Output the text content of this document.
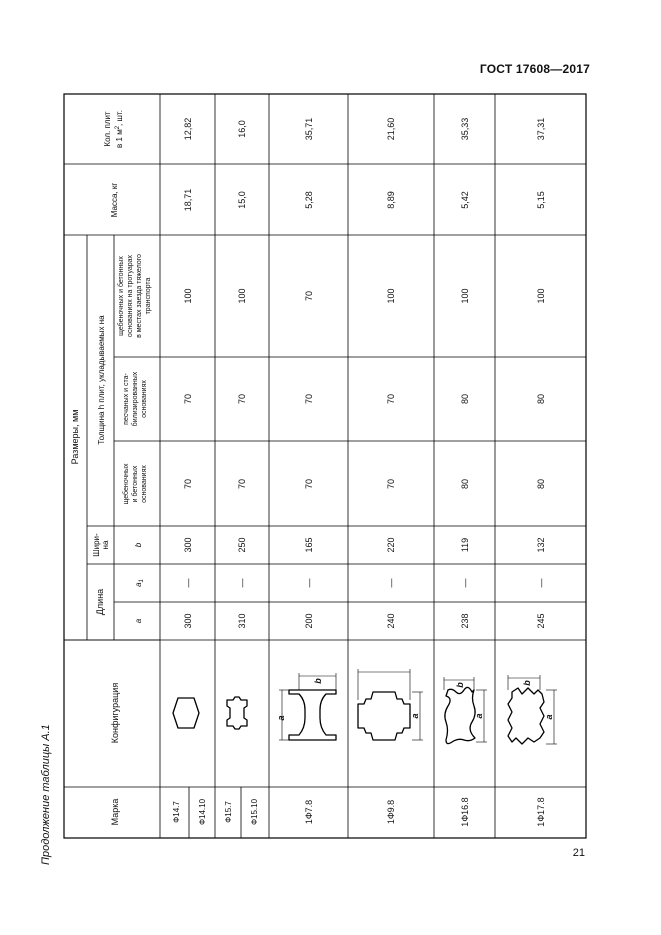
ГОСТ 17608—2017
21
Продолжение таблицы А.1	Марка
Конфигурация
Размеры, мм
Длина
a
$a_1$
Шири- на	b
Толщина h плит, укладываемых на
щебеночных и бетонных основаниях
песчаных и ста- билизированных основаниях
щебеночных и бетонных основаниях на тротуарах в местах заезда тяжелого транспорта
Масса, кг
Кол. плит в 1 $м^2$, шт.
300
—
300
70
70
100
18,71
12,82
Ф14.7 Ф14.10
310
—
250
70
70
100
15,0
16,0
Ф15.7 Ф15.10
200
—
165
70
70
70
5,28
35,71
1Ф7.8
240
—
220
70
70
100
8,89
21,60
1Ф9.8
238
—
119
80
80
100
5,42
35,33
1Ф16.8
245
—
132
80
80
100
5,15
37,31
1Ф17.8
a
b
a
b
a
b
a
